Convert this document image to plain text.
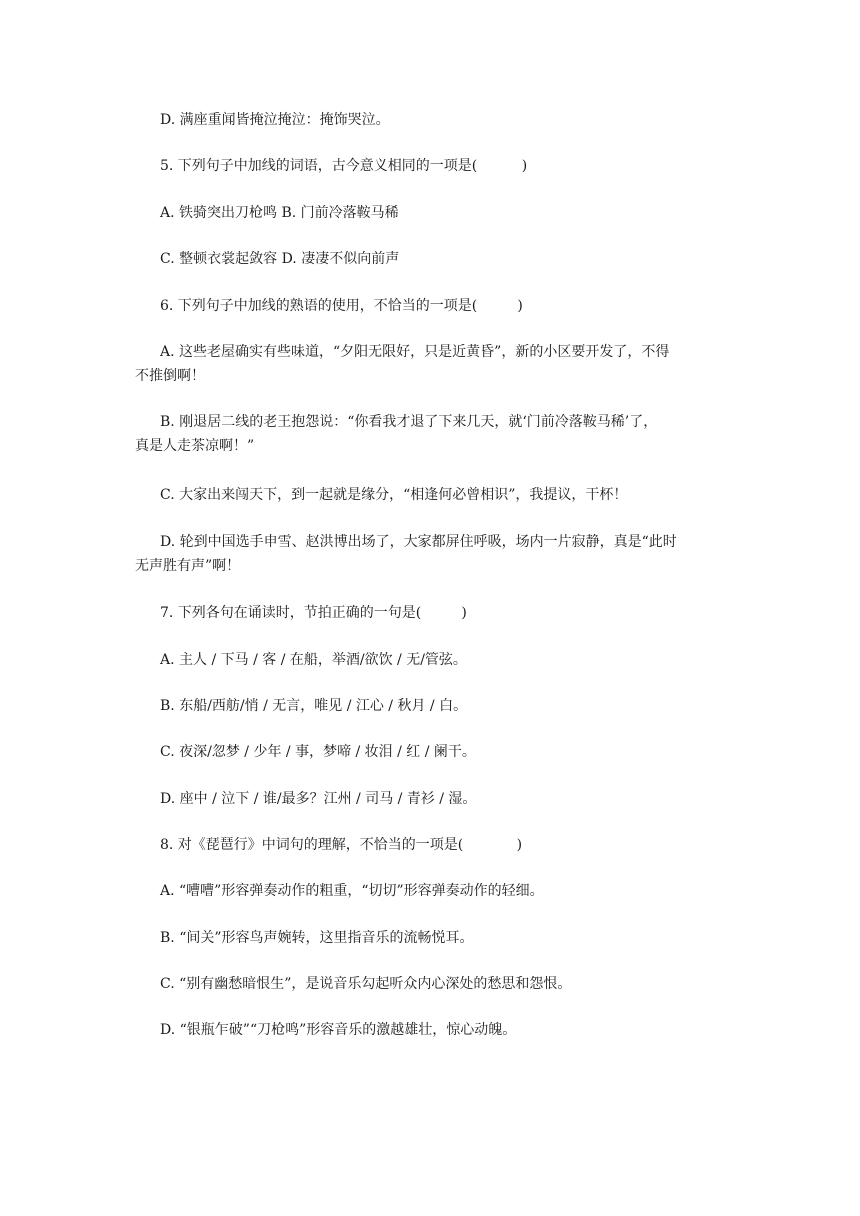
D. 满座重闻皆掩泣掩泣：掩饰哭泣。
5. 下列句子中加线的词语，古今意义相同的一项是(          )
A. 铁骑突出刀枪鸣 B. 门前冷落鞍马稀
C. 整顿衣裳起敛容 D. 凄凄不似向前声
6. 下列句子中加线的熟语的使用，不恰当的一项是(         )
A. 这些老屋确实有些味道，“夕阳无限好，只是近黄昏”，新的小区要开发了，不得
不推倒啊！
B. 刚退居二线的老王抱怨说：“你看我才退了下来几天，就‘门前冷落鞍马稀’了，
真是人走茶凉啊！”
C. 大家出来闯天下，到一起就是缘分，“相逢何必曾相识”，我提议，干杯！
D. 轮到中国选手申雪、赵洪博出场了，大家都屏住呼吸，场内一片寂静，真是“此时
无声胜有声”啊！
7. 下列各句在诵读时，节拍正确的一句是(         )
A. 主人 / 下马 / 客 / 在船，举酒/欲饮 / 无/管弦。
B. 东船/西舫/悄 / 无言，唯见 / 江心 / 秋月 / 白。
C. 夜深/忽梦 / 少年 / 事，梦啼 / 妆泪 / 红 / 阑干。
D. 座中 / 泣下 / 谁/最多？江州 / 司马 / 青衫 / 湿。
8. 对《琵琶行》中词句的理解，不恰当的一项是(            )
A. “嘈嘈”形容弹奏动作的粗重，“切切”形容弹奏动作的轻细。
B. “间关”形容鸟声婉转，这里指音乐的流畅悦耳。
C. “别有幽愁暗恨生”，是说音乐勾起听众内心深处的愁思和怨恨。
D. “银瓶乍破”“刀枪鸣”形容音乐的激越雄壮，惊心动魄。
